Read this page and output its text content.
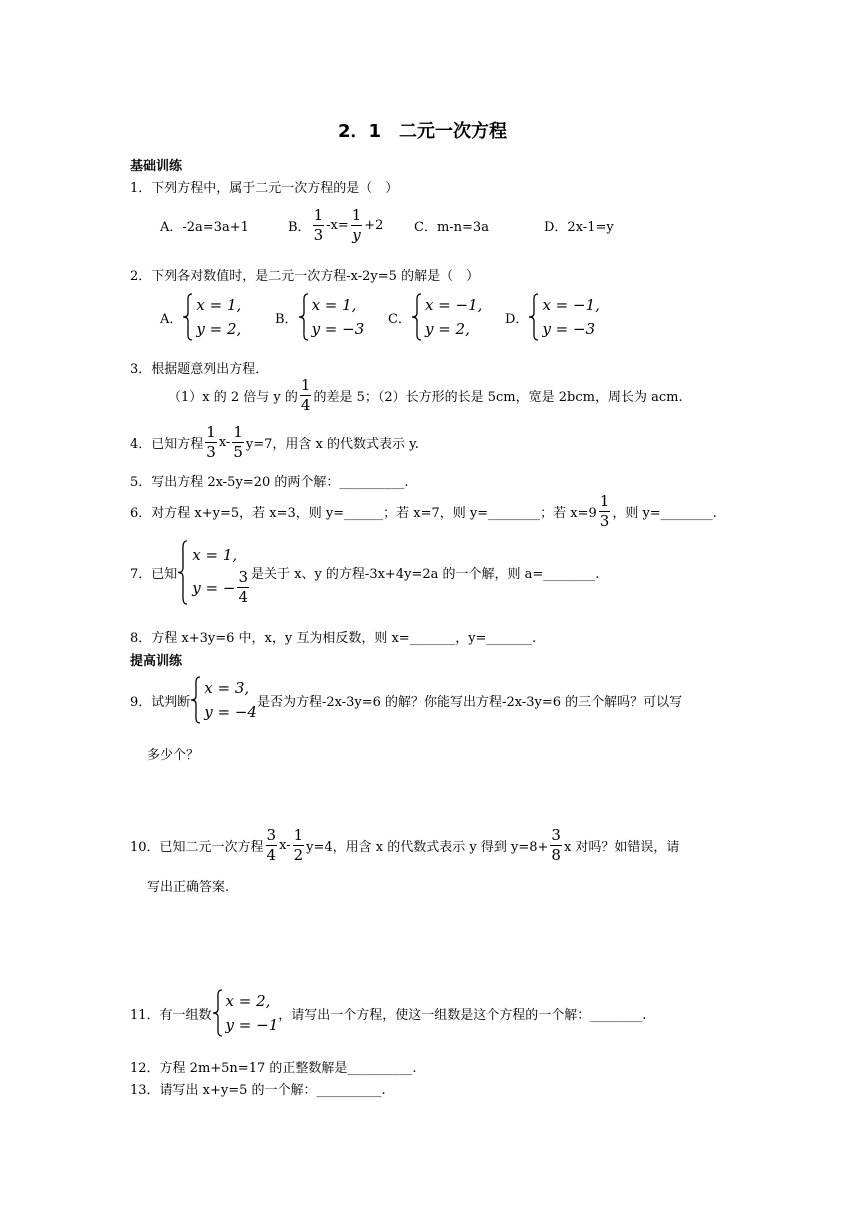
2．1　二元一次方程
基础训练
1．下列方程中，属于二元一次方程的是（　）
A．-2a=3a+1	B． $\frac{1}{3} -x= \frac{1}{y} +2$ C．m-n=3a	D．2x-1=y
2．下列各对数值时，是二元一次方程-x-2y=5 的解是（　）
A．
x = 1,
y = 2,
B．
x = 1,
y = −3
C．
x = −1,
y = 2,
D．
x = −1,
y = −3
3．根据题意列出方程．
（1）x 的 2 倍与 y 的 $\frac{1}{4}$ 的差是 5；（2）长方形的长是 5cm，宽是 2bcm，周长为 acm.
4．已知方程 $\frac{1}{3} x- \frac{1}{5} y=7$，用含 x 的代数式表示 y.
5．写出方程 2x-5y=20 的两个解：__________.
6．对方程 x+y=5，若 x=3，则 y=______；若 x=7，则 y=________；若 $x=9 \frac{1}{3}$ ，则 y=________.
7．已知
x = 1,
y = − $\frac{3}{4}$ 是关于 x、y 的方程-3x+4y=2a 的一个解，则 a=________.
8．方程 x+3y=6 中，x，y 互为相反数，则 x=_______，y=_______.
提高训练
9．试判断
x = 3,
y = −4
是否为方程-2x-3y=6 的解？你能写出方程-2x-3y=6 的三个解吗？可以写
多少个？
10．已知二元一次方程 $\frac{3}{4} x- \frac{1}{2} y=4$，用含 x 的代数式表示 y 得到 $y=8+ \frac{3}{8}$ x 对吗？如错误，请
写出正确答案.
11．有一组数
x = 2,
y = −1
，请写出一个方程，使这一组数是这个方程的一个解：________.
12．方程 2m+5n=17 的正整数解是__________.
13．请写出 x+y=5 的一个解：__________.
